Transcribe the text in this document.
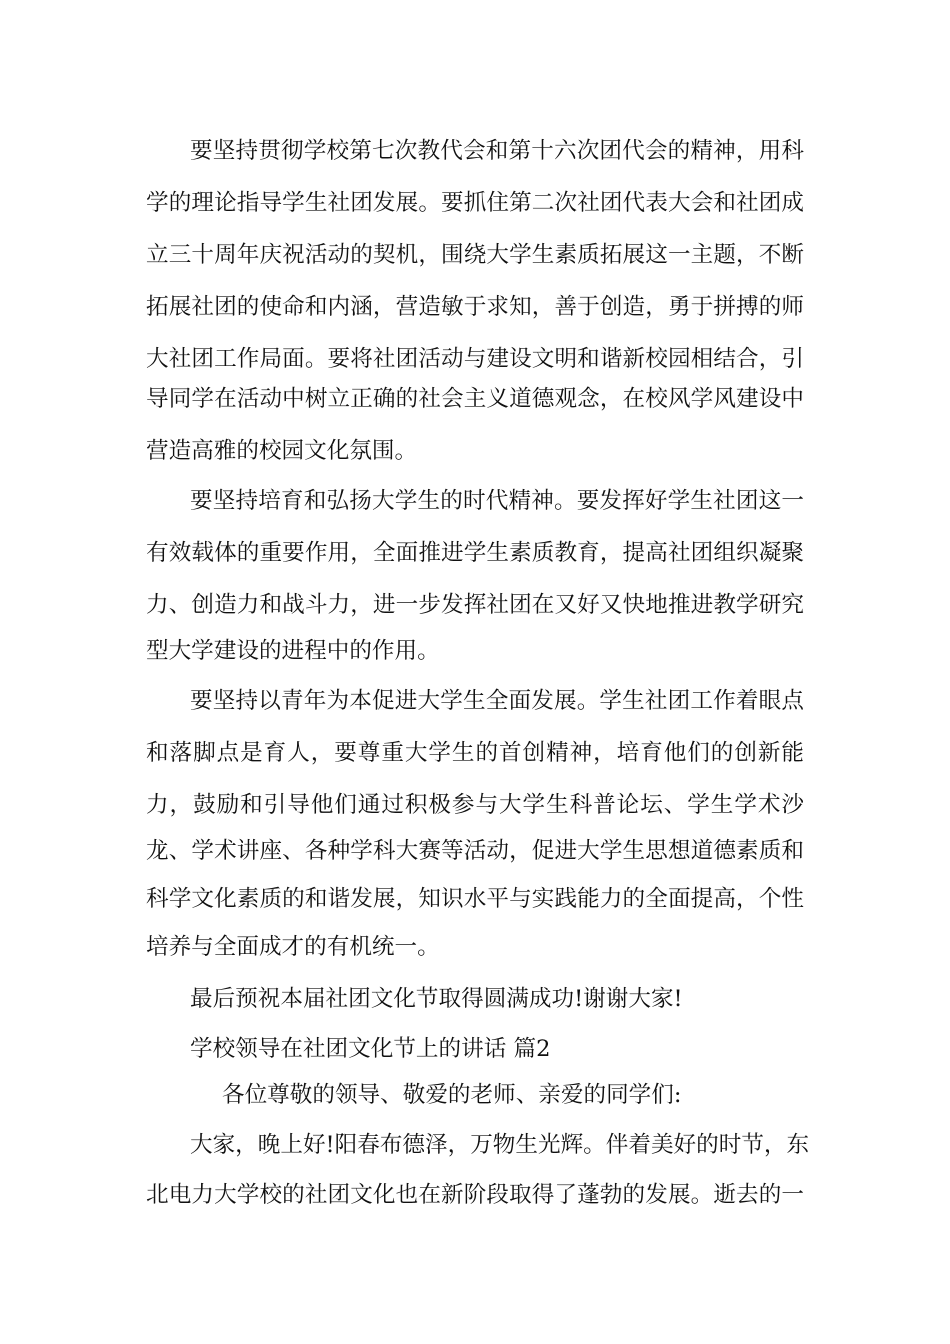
要坚持贯彻学校第七次教代会和第十六次团代会的精神，用科

学的理论指导学生社团发展。要抓住第二次社团代表大会和社团成

立三十周年庆祝活动的契机，围绕大学生素质拓展这一主题，不断

拓展社团的使命和内涵，营造敏于求知，善于创造，勇于拼搏的师

大社团工作局面。要将社团活动与建设文明和谐新校园相结合，引

导同学在活动中树立正确的社会主义道德观念，在校风学风建设中

营造高雅的校园文化氛围。

要坚持培育和弘扬大学生的时代精神。要发挥好学生社团这一

有效载体的重要作用，全面推进学生素质教育，提高社团组织凝聚

力、创造力和战斗力，进一步发挥社团在又好又快地推进教学研究

型大学建设的进程中的作用。

要坚持以青年为本促进大学生全面发展。学生社团工作着眼点

和落脚点是育人，要尊重大学生的首创精神，培育他们的创新能

力，鼓励和引导他们通过积极参与大学生科普论坛、学生学术沙

龙、学术讲座、各种学科大赛等活动，促进大学生思想道德素质和

科学文化素质的和谐发展，知识水平与实践能力的全面提高，个性

培养与全面成才的有机统一。

最后预祝本届社团文化节取得圆满成功!谢谢大家!

学校领导在社团文化节上的讲话 篇2

各位尊敬的领导、敬爱的老师、亲爱的同学们:

大家，晚上好!阳春布德泽，万物生光辉。伴着美好的时节，东

北电力大学校的社团文化也在新阶段取得了蓬勃的发展。逝去的一
